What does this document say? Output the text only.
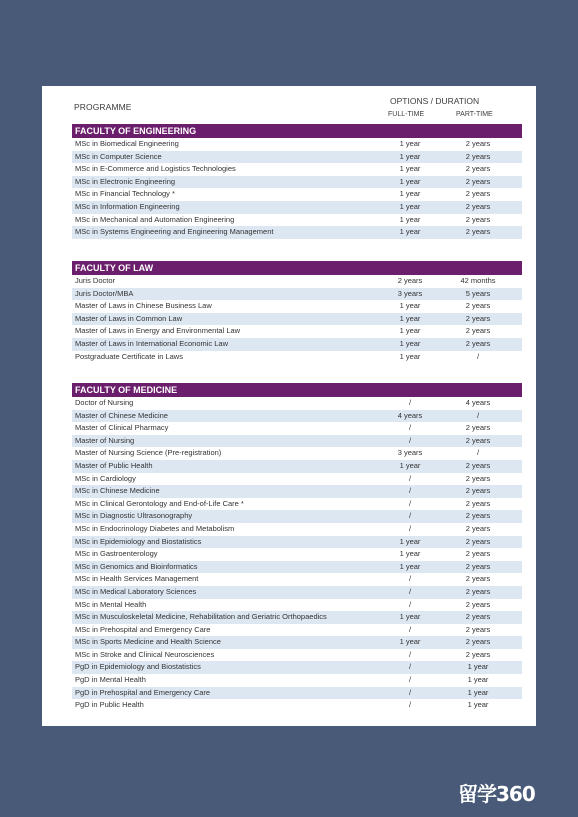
PROGRAMME
OPTIONS / DURATION
FULL-TIME	PART-TIME
FACULTY OF ENGINEERING
MSc in Biomedical Engineering	1 year	2 years
MSc in Computer Science	1 year	2 years
MSc in E-Commerce and Logistics Technologies	1 year	2 years
MSc in Electronic Engineering	1 year	2 years
MSc in Financial Technology *	1 year	2 years
MSc in Information Engineering	1 year	2 years
MSc in Mechanical and Automation Engineering	1 year	2 years
MSc in Systems Engineering and Engineering Management	1 year	2 years
FACULTY OF LAW
Juris Doctor	2 years	42 months
Juris Doctor/MBA	3 years	5 years
Master of Laws in Chinese Business Law	1 year	2 years
Master of Laws in Common Law	1 year	2 years
Master of Laws in Energy and Environmental Law	1 year	2 years
Master of Laws in International Economic Law	1 year	2 years
Postgraduate Certificate in Laws	1 year	/
FACULTY OF MEDICINE
Doctor of Nursing	/	4 years
Master of Chinese Medicine	4 years	/
Master of Clinical Pharmacy	/	2 years
Master of Nursing	/	2 years
Master of Nursing Science (Pre-registration)	3 years	/
Master of Public Health	1 year	2 years
MSc in Cardiology	/	2 years
MSc in Chinese Medicine	/	2 years
MSc in Clinical Gerontology and End-of-Life Care *	/	2 years
MSc in Diagnostic Ultrasonography	/	2 years
MSc in Endocrinology Diabetes and Metabolism	/	2 years
MSc in Epidemiology and Biostatistics	1 year	2 years
MSc in Gastroenterology	1 year	2 years
MSc in Genomics and Bioinformatics	1 year	2 years
MSc in Health Services Management	/	2 years
MSc in Medical Laboratory Sciences	/	2 years
MSc in Mental Health	/	2 years
MSc in Musculoskeletal Medicine, Rehabilitation and Geriatric Orthopaedics	1 year	2 years
MSc in Prehospital and Emergency Care	/	2 years
MSc in Sports Medicine and Health Science	1 year	2 years
MSc in Stroke and Clinical Neurosciences	/	2 years
PgD in Epidemiology and Biostatistics	/	1 year
PgD in Mental Health	/	1 year
PgD in Prehospital and Emergency Care	/	1 year
PgD in Public Health	/	1 year
留学360
